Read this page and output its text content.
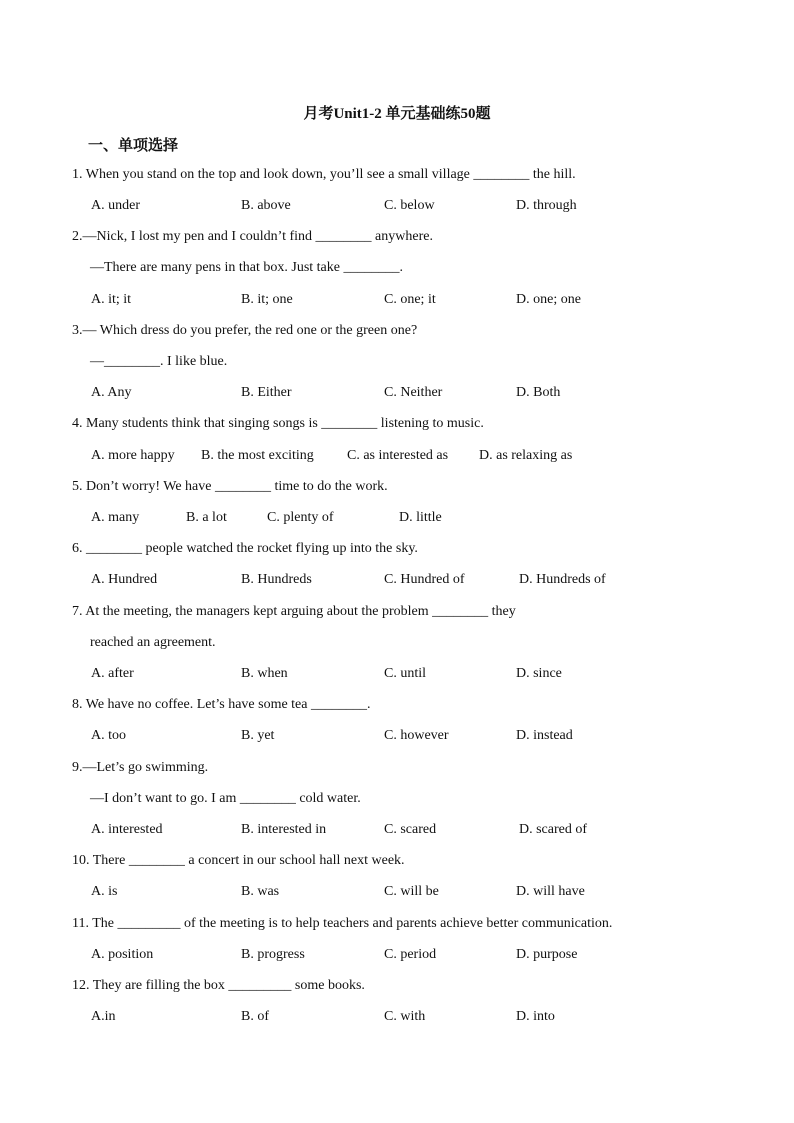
月考Unit1-2 单元基础练50题
一、单项选择
1. When you stand on the top and look down, you’ll see a small village ________ the hill.
A. under	B. above	C. below	D. through
2.—Nick, I lost my pen and I couldn’t find ________ anywhere.
—There are many pens in that box. Just take ________.
A. it; it	B. it; one	C. one; it	D. one; one
3.— Which dress do you prefer, the red one or the green one?
—________. I like blue.
A. Any	B. Either	C. Neither	D. Both
4. Many students think that singing songs is ________ listening to music.
A. more happy B. the most exciting C. as interested as D. as relaxing as
5. Don’t worry! We have ________ time to do the work.
A. many	B. a lot	C. plenty of	D. little
6. ________ people watched the rocket flying up into the sky.
A. Hundred	B. Hundreds	C. Hundred of	D. Hundreds of
7. At the meeting, the managers kept arguing about the problem ________ they
reached an agreement.
A. after	B. when	C. until	D. since
8. We have no coffee. Let’s have some tea ________.
A. too	B. yet	C. however	D. instead
9.—Let’s go swimming.
—I don’t want to go. I am ________ cold water.
A. interested	B. interested in	C. scared	D. scared of
10. There ________ a concert in our school hall next week.
A. is	B. was	C. will be	D. will have
11. The _________ of the meeting is to help teachers and parents achieve better communication.
A. position	B. progress	C. period	D. purpose
12. They are filling the box _________ some books.
A.in	B. of	C. with	D. into
